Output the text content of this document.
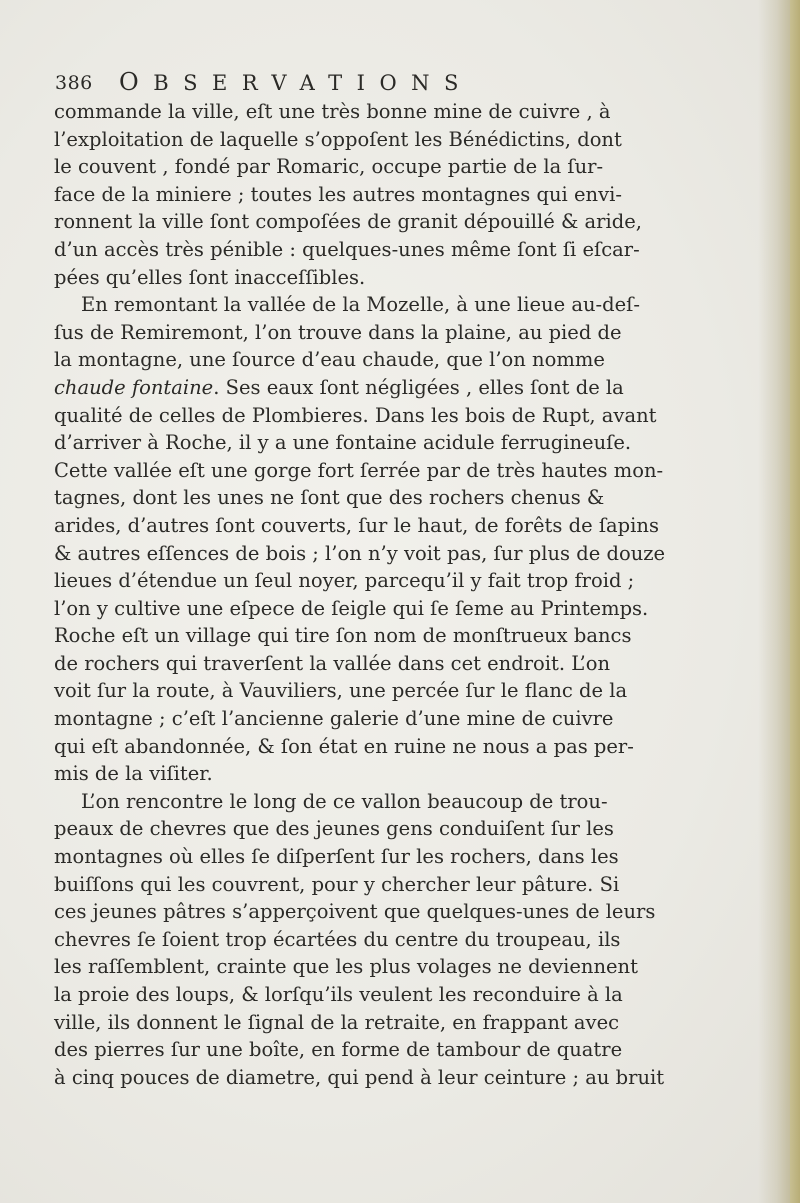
386 OBSERVATIONS
commande la ville, eſt une très bonne mine de cuivre , à
l’exploitation de laquelle s’oppoſent les Bénédictins, dont
le couvent , fondé par Romaric, occupe partie de la ſur-
face de la miniere ; toutes les autres montagnes qui envi-
ronnent la ville ſont compoſées de granit dépouillé & aride,
d’un accès très pénible : quelques-unes même ſont ſi eſcar-
pées qu’elles ſont inacceſſibles.
En remontant la vallée de la Mozelle, à une lieue au-deſ-
ſus de Remiremont, l’on trouve dans la plaine, au pied de
la montagne, une ſource d’eau chaude, que l’on nomme
chaude fontaine. Ses eaux ſont négligées , elles ſont de la
qualité de celles de Plombieres. Dans les bois de Rupt, avant
d’arriver à Roche, il y a une fontaine acidule ferrugineuſe.
Cette vallée eſt une gorge fort ſerrée par de très hautes mon-
tagnes, dont les unes ne ſont que des rochers chenus &
arides, d’autres ſont couverts, ſur le haut, de forêts de ſapins
& autres eſſences de bois ; l’on n’y voit pas, ſur plus de douze
lieues d’étendue un ſeul noyer, parcequ’il y fait trop froid ;
l’on y cultive une eſpece de ſeigle qui ſe ſeme au Printemps.
Roche eſt un village qui tire ſon nom de monſtrueux bancs
de rochers qui traverſent la vallée dans cet endroit. L’on
voit ſur la route, à Vauviliers, une percée ſur le flanc de la
montagne ; c’eſt l’ancienne galerie d’une mine de cuivre
qui eſt abandonnée, & ſon état en ruine ne nous a pas per-
mis de la viſiter.
L’on rencontre le long de ce vallon beaucoup de trou-
peaux de chevres que des jeunes gens conduiſent ſur les
montagnes où elles ſe diſperſent ſur les rochers, dans les
buiſſons qui les couvrent, pour y chercher leur pâture. Si
ces jeunes pâtres s’apperçoivent que quelques-unes de leurs
chevres ſe ſoient trop écartées du centre du troupeau, ils
les raſſemblent, crainte que les plus volages ne deviennent
la proie des loups, & lorſqu’ils veulent les reconduire à la
ville, ils donnent le ſignal de la retraite, en frappant avec
des pierres ſur une boîte, en forme de tambour de quatre
à cinq pouces de diametre, qui pend à leur ceinture ; au bruit
